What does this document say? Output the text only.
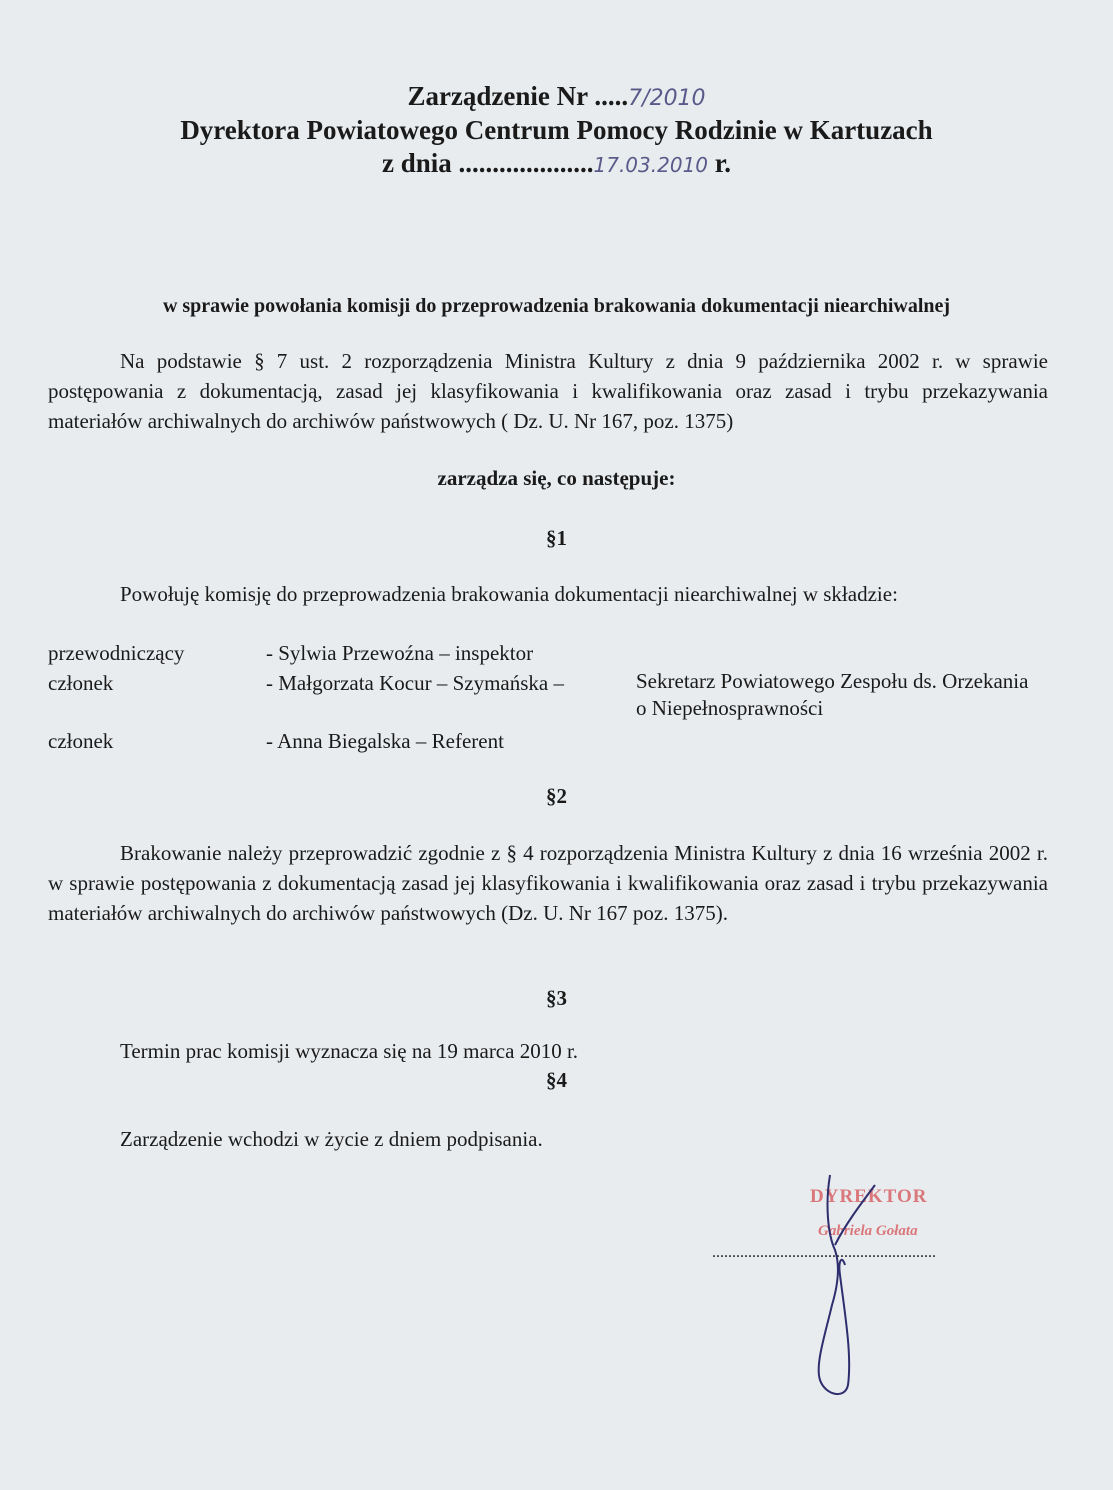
Zarządzenie Nr .....7/2010
Dyrektora Powiatowego Centrum Pomocy Rodzinie w Kartuzach
z dnia ....................17.03.2010 r.
w sprawie powołania komisji do przeprowadzenia brakowania dokumentacji niearchiwalnej
Na podstawie § 7 ust. 2 rozporządzenia Ministra Kultury z dnia 9 października 2002 r. w sprawie postępowania z dokumentacją, zasad jej klasyfikowania i kwalifikowania oraz zasad i trybu przekazywania materiałów archiwalnych do archiwów państwowych ( Dz. U. Nr 167, poz. 1375)
zarządza się, co następuje:
§1
Powołuję komisję do przeprowadzenia brakowania dokumentacji niearchiwalnej w składzie:
przewodniczący	- Sylwia Przewoźna – inspektor
członek	- Małgorzata Kocur – Szymańska –	Sekretarz Powiatowego Zespołu ds. Orzekania o Niepełnosprawności
członek	- Anna Biegalska – Referent
§2
Brakowanie należy przeprowadzić zgodnie z § 4 rozporządzenia Ministra Kultury z dnia 16 września 2002 r. w sprawie postępowania z dokumentacją zasad jej klasyfikowania i kwalifikowania oraz zasad i trybu przekazywania materiałów archiwalnych do archiwów państwowych (Dz. U. Nr 167 poz. 1375).
§3
Termin prac komisji wyznacza się na 19 marca 2010 r.
§4
Zarządzenie wchodzi w życie z dniem podpisania.
DYREKTOR
Gabriela Gołata
........................................................
